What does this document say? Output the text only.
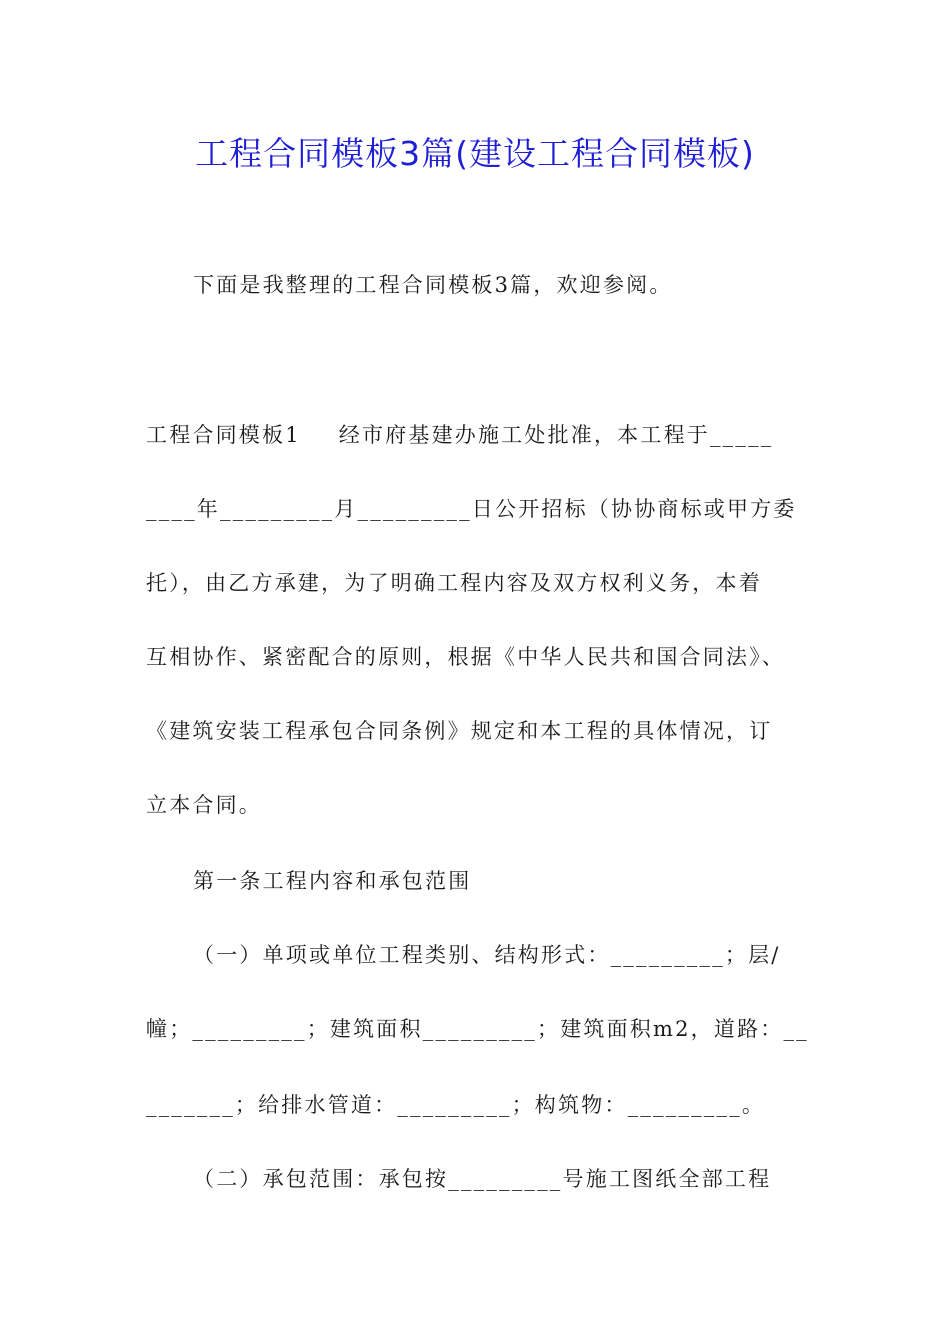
工程合同模板3篇(建设工程合同模板)
下面是我整理的工程合同模板3篇，欢迎参阅。
工程合同模板1 经市府基建办施工处批准，本工程于_____
____年_________月_________日公开招标（协协商标或甲方委
托），由乙方承建，为了明确工程内容及双方权利义务，本着
互相协作、紧密配合的原则，根据《中华人民共和国合同法》、
《建筑安装工程承包合同条例》规定和本工程的具体情况，订
立本合同。
第一条工程内容和承包范围
（一）单项或单位工程类别、结构形式：_________；层/
幢；_________；建筑面积_________；建筑面积m2，道路：__
_______；给排水管道：_________；构筑物：_________。
（二）承包范围：承包按_________号施工图纸全部工程
